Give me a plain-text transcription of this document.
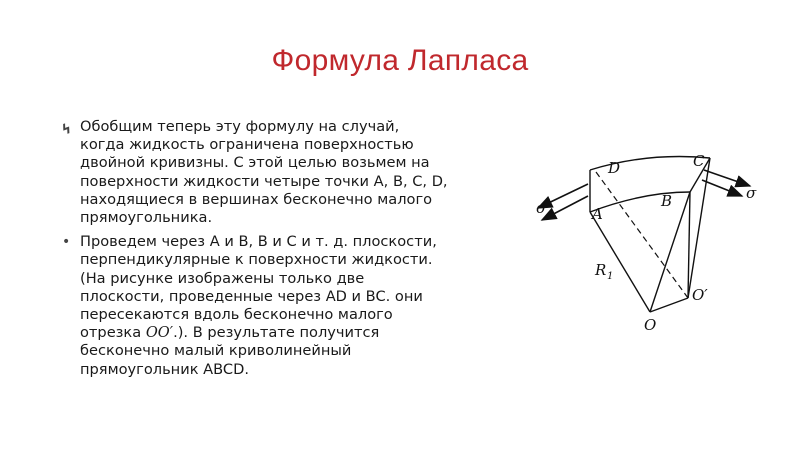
Формула Лапласа
ϟ Обобщим теперь эту формулу на случай,
когда жидкость ограничена поверхностью
двойной кривизны. С этой целью возьмем на
поверхности жидкости четыре точки A, B, C, D,
находящиеся в вершинах бесконечно малого
прямоугольника.
• Проведем через A и B, B и C и т. д. плоскости,
перпендикулярные к поверхности жидкости.
(На рисунке изображены только две
плоскости, проведенные через AD и BC. они
пересекаются вдоль бесконечно малого
отрезка OO′.). В результате получится
бесконечно малый криволинейный
прямоугольник ABCD.
D	C
A
B
σ
σ
R 1
O′
O
